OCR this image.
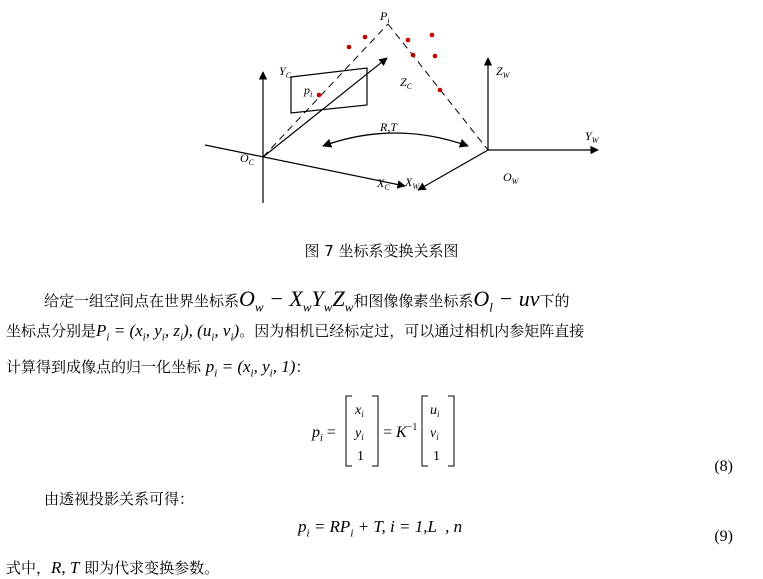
$P_i$
$p_i$
$Y_C$	$Z_C$
$O_C$
$X_C$
R,T
$Z_W$
$Y_W$
$X_W$
$O_W$
图 7 坐标系变换关系图
给定一组空间点在世界坐标系$O_w - X_wY_wZ_w$和图像像素坐标系$O_l$ − uv下的
坐标点分别是$P_i = (x_i$, $y_i$, $z_i$), ($u_i$, $v_i$)。因为相机已经标定过，可以通过相机内参矩阵直接
计算得到成像点的归一化坐标 $p_i = (x_i$, $y_i$, 1)：
$p_i$ =
$x_i$
$y_i$
1
= $K^{-1}$
$u_i$
$v_i$
1
(8)
由透视投影关系可得：
$p_i = RP_i + T$, i = 1,L  , n
(9)
式中，R, T 即为代求变换参数。
